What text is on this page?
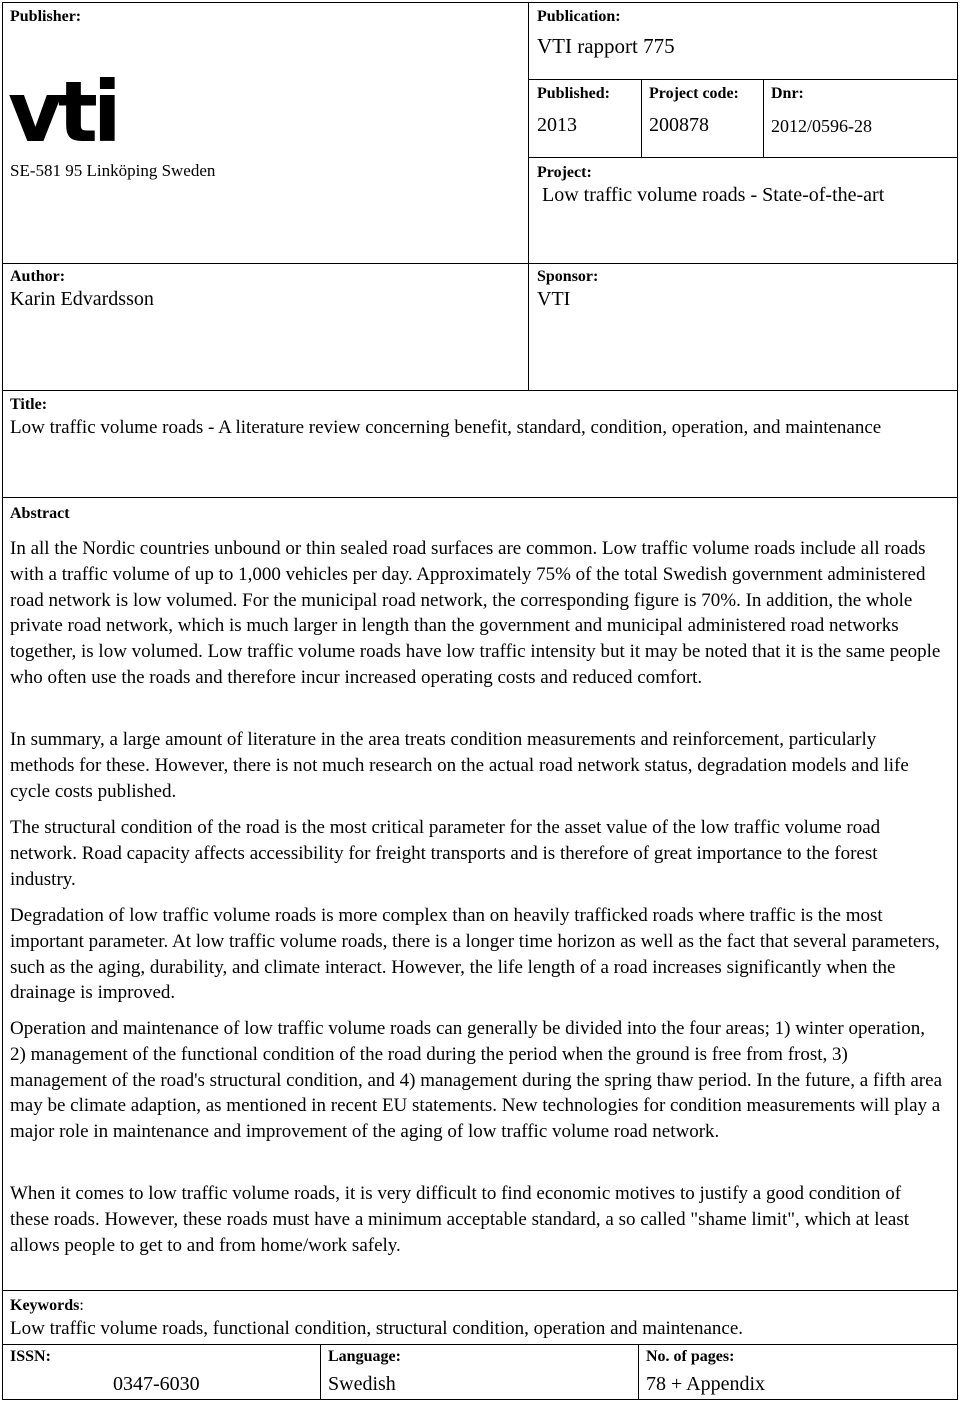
Publisher:
vti
SE-581 95 Linköping Sweden
Publication:
VTI rapport 775
Published:
2013
Project code:
200878
Dnr:
2012/0596-28
Project:
Low traffic volume roads - State-of-the-art
Author:
Karin Edvardsson
Sponsor:
VTI
Title:
Low traffic volume roads - A literature review concerning benefit, standard, condition, operation, and maintenance
Abstract

In all the Nordic countries unbound or thin sealed road surfaces are common. Low traffic volume roads include all roads with a traffic volume of up to 1,000 vehicles per day. Approximately 75% of the total Swedish government administered road network is low volumed. For the municipal road network, the corresponding figure is 70%. In addition, the whole private road network, which is much larger in length than the government and municipal administered road networks together, is low volumed. Low traffic volume roads have low traffic intensity but it may be noted that it is the same people who often use the roads and therefore incur increased operating costs and reduced comfort.

In summary, a large amount of literature in the area treats condition measurements and reinforcement, particularly methods for these. However, there is not much research on the actual road network status, degradation models and life cycle costs published.

The structural condition of the road is the most critical parameter for the asset value of the low traffic volume road network. Road capacity affects accessibility for freight transports and is therefore of great importance to the forest industry.

Degradation of low traffic volume roads is more complex than on heavily trafficked roads where traffic is the most important parameter. At low traffic volume roads, there is a longer time horizon as well as the fact that several parameters, such as the aging, durability, and climate interact. However, the life length of a road increases significantly when the drainage is improved.

Operation and maintenance of low traffic volume roads can generally be divided into the four areas; 1) winter operation, 2) management of the functional condition of the road during the period when the ground is free from frost, 3) management of the road's structural condition, and 4) management during the spring thaw period. In the future, a fifth area may be climate adaption, as mentioned in recent EU statements. New technologies for condition measurements will play a major role in maintenance and improvement of the aging of low traffic volume road network.

When it comes to low traffic volume roads, it is very difficult to find economic motives to justify a good condition of these roads. However, these roads must have a minimum acceptable standard, a so called "shame limit", which at least allows people to get to and from home/work safely.

Keywords:
Low traffic volume roads, functional condition, structural condition, operation and maintenance.
ISSN:
0347-6030
Language:
Swedish
No. of pages:
78 + Appendix
